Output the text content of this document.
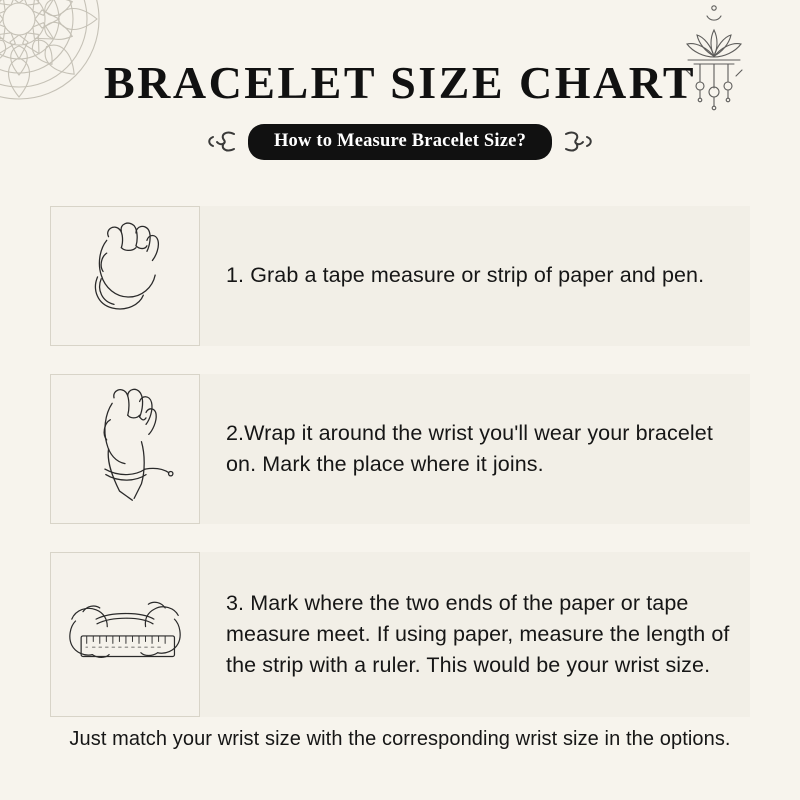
BRACELET SIZE CHART
How to Measure Bracelet Size?
1. Grab a tape measure or strip of paper and pen.
2.Wrap it around the wrist you'll wear your bracelet on. Mark the place where it joins.
3. Mark where the two ends of the paper or tape measure meet. If using paper, measure the length of the strip with a ruler. This would be your wrist size.
Just match your wrist size with the corresponding wrist size in the options.
